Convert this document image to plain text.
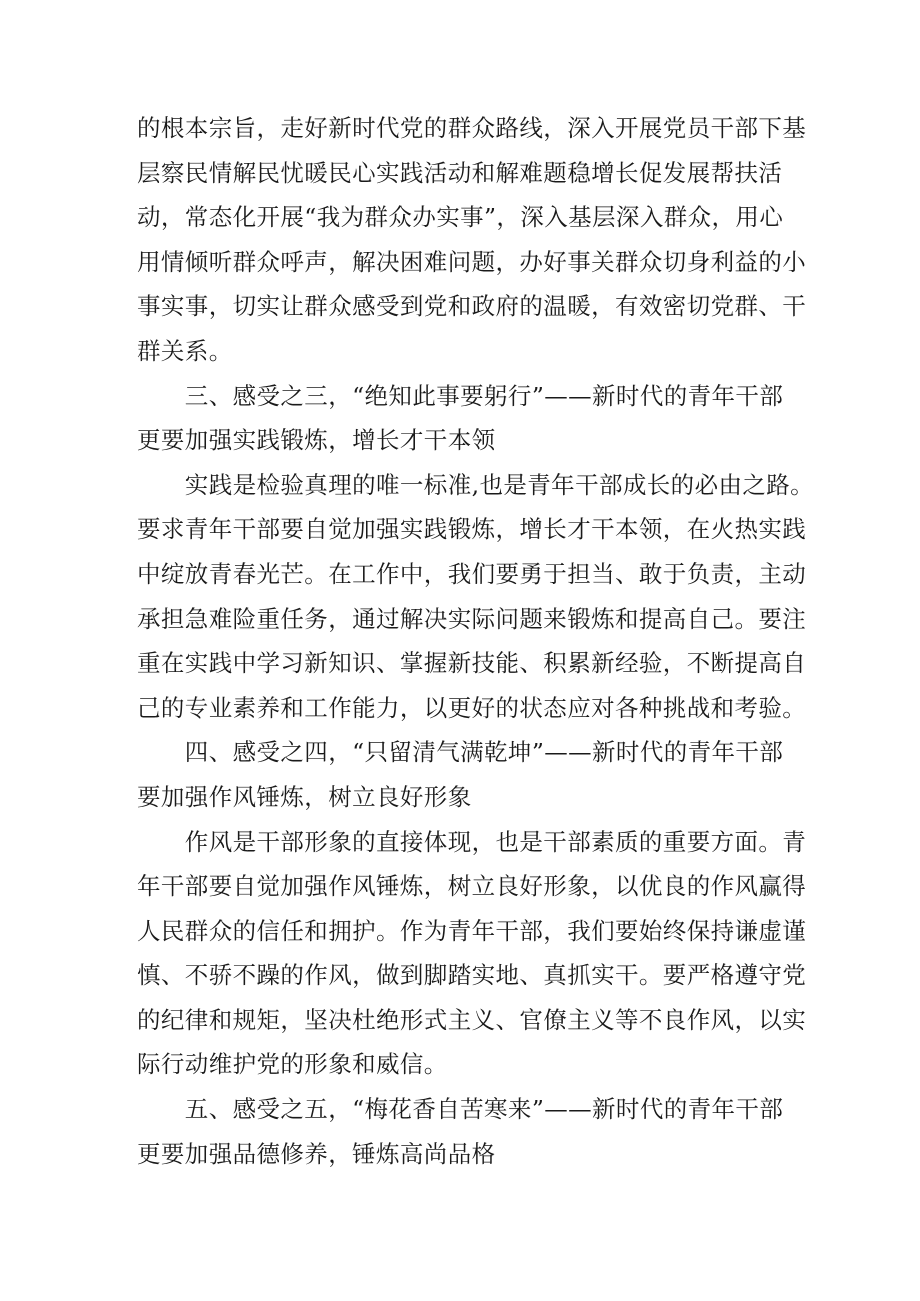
的根本宗旨，走好新时代党的群众路线，深入开展党员干部下基
层察民情解民忧暖民心实践活动和解难题稳增长促发展帮扶活
动，常态化开展“我为群众办实事”，深入基层深入群众，用心
用情倾听群众呼声，解决困难问题，办好事关群众切身利益的小
事实事，切实让群众感受到党和政府的温暖，有效密切党群、干
群关系。
　　三、感受之三，“绝知此事要躬行”——新时代的青年干部
更要加强实践锻炼，增长才干本领
　　实践是检验真理的唯一标准,也是青年干部成长的必由之路。
要求青年干部要自觉加强实践锻炼，增长才干本领，在火热实践
中绽放青春光芒。在工作中，我们要勇于担当、敢于负责，主动
承担急难险重任务，通过解决实际问题来锻炼和提高自己。要注
重在实践中学习新知识、掌握新技能、积累新经验，不断提高自
己的专业素养和工作能力，以更好的状态应对各种挑战和考验。
　　四、感受之四，“只留清气满乾坤”——新时代的青年干部
要加强作风锤炼，树立良好形象
　　作风是干部形象的直接体现，也是干部素质的重要方面。青
年干部要自觉加强作风锤炼，树立良好形象，以优良的作风赢得
人民群众的信任和拥护。作为青年干部，我们要始终保持谦虚谨
慎、不骄不躁的作风，做到脚踏实地、真抓实干。要严格遵守党
的纪律和规矩，坚决杜绝形式主义、官僚主义等不良作风，以实
际行动维护党的形象和威信。
　　五、感受之五，“梅花香自苦寒来”——新时代的青年干部
更要加强品德修养，锤炼高尚品格
